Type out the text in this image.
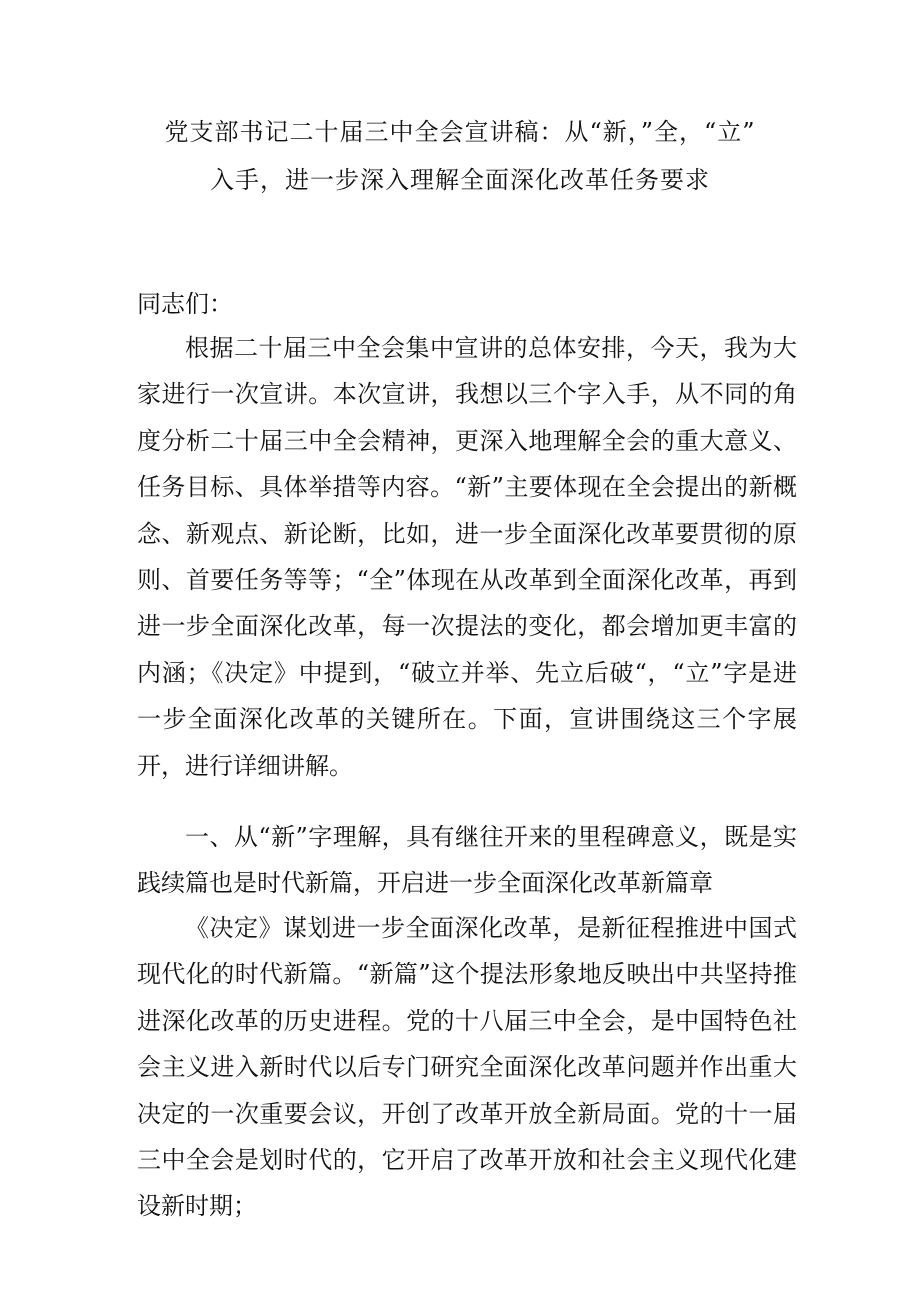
党支部书记二十届三中全会宣讲稿：从“新，”全，“立”
入手，进一步深入理解全面深化改革任务要求

同志们：

根据二十届三中全会集中宣讲的总体安排，今天，我为大家进行一次宣讲。本次宣讲，我想以三个字入手，从不同的角度分析二十届三中全会精神，更深入地理解全会的重大意义、任务目标、具体举措等内容。“新”主要体现在全会提出的新概念、新观点、新论断，比如，进一步全面深化改革要贯彻的原则、首要任务等等；“全”体现在从改革到全面深化改革，再到进一步全面深化改革，每一次提法的变化，都会增加更丰富的内涵；《决定》中提到，“破立并举、先立后破“，“立”字是进一步全面深化改革的关键所在。下面，宣讲围绕这三个字展开，进行详细讲解。

一、从“新”字理解，具有继往开来的里程碑意义，既是实践续篇也是时代新篇，开启进一步全面深化改革新篇章

《决定》谋划进一步全面深化改革，是新征程推进中国式现代化的时代新篇。“新篇”这个提法形象地反映出中共坚持推进深化改革的历史进程。党的十八届三中全会，是中国特色社会主义进入新时代以后专门研究全面深化改革问题并作出重大决定的一次重要会议，开创了改革开放全新局面。党的十一届三中全会是划时代的，它开启了改革开放和社会主义现代化建设新时期；
